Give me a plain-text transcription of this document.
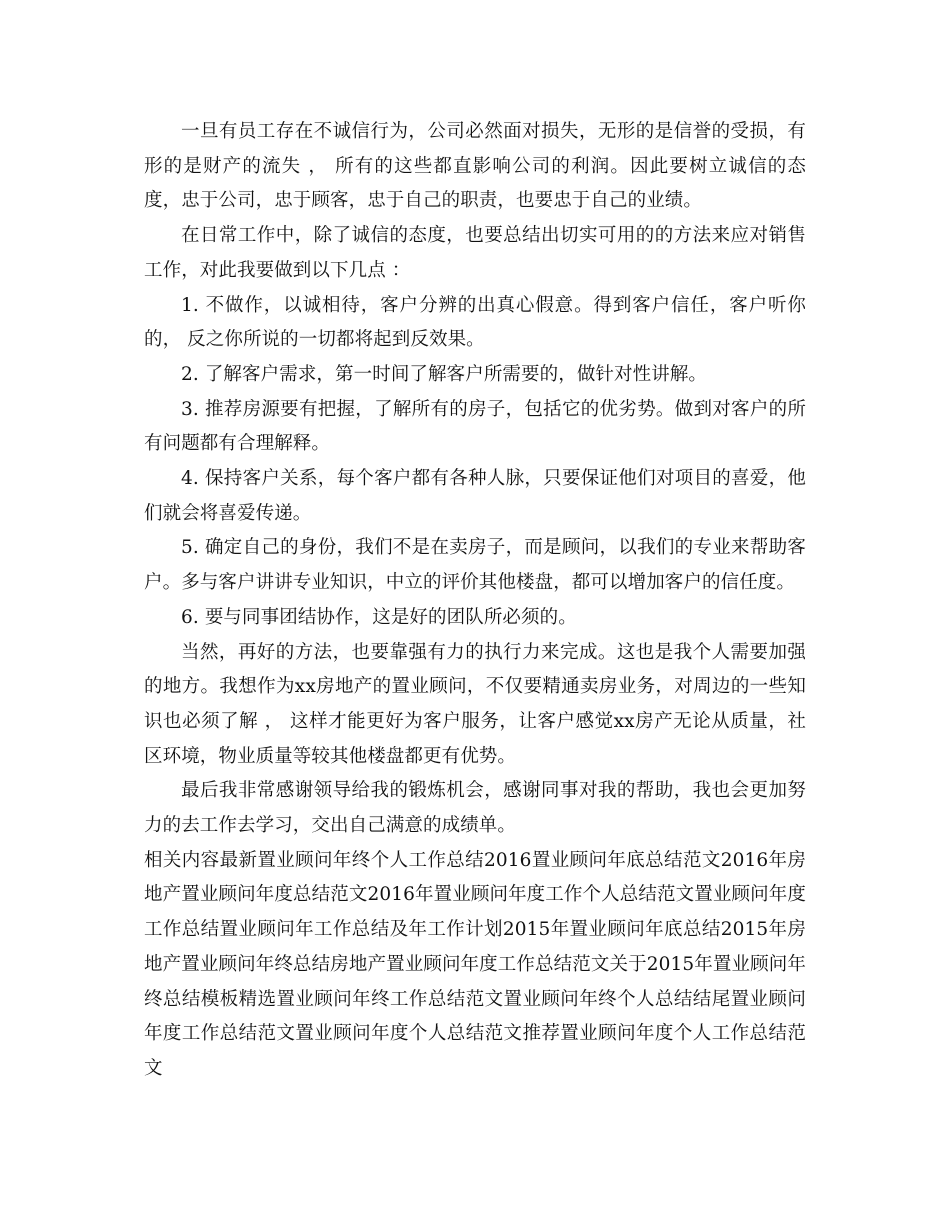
一旦有员工存在不诚信行为，公司必然面对损失，无形的是信誉的受损，有形的是财产的流失 ， 所有的这些都直影响公司的利润。因此要树立诚信的态度，忠于公司，忠于顾客，忠于自己的职责，也要忠于自己的业绩。

在日常工作中，除了诚信的态度，也要总结出切实可用的的方法来应对销售工作，对此我要做到以下几点 ：

1. 不做作，以诚相待，客户分辨的出真心假意。得到客户信任，客户听你的， 反之你所说的一切都将起到反效果。

2. 了解客户需求，第一时间了解客户所需要的，做针对性讲解。

3. 推荐房源要有把握，了解所有的房子，包括它的优劣势。做到对客户的所有问题都有合理解释。

4. 保持客户关系，每个客户都有各种人脉，只要保证他们对项目的喜爱，他们就会将喜爱传递。

5. 确定自己的身份，我们不是在卖房子，而是顾问，以我们的专业来帮助客户。多与客户讲讲专业知识，中立的评价其他楼盘，都可以增加客户的信任度。

6. 要与同事团结协作，这是好的团队所必须的。

当然，再好的方法，也要靠强有力的执行力来完成。这也是我个人需要加强的地方。我想作为xx房地产的置业顾问，不仅要精通卖房业务，对周边的一些知识也必须了解 ， 这样才能更好为客户服务，让客户感觉xx房产无论从质量，社区环境，物业质量等较其他楼盘都更有优势。

最后我非常感谢领导给我的锻炼机会，感谢同事对我的帮助，我也会更加努力的去工作去学习，交出自己满意的成绩单。

相关内容最新置业顾问年终个人工作总结2016置业顾问年底总结范文2016年房地产置业顾问年度总结范文2016年置业顾问年度工作个人总结范文置业顾问年度工作总结置业顾问年工作总结及年工作计划2015年置业顾问年底总结2015年房地产置业顾问年终总结房地产置业顾问年度工作总结范文关于2015年置业顾问年终总结模板精选置业顾问年终工作总结范文置业顾问年终个人总结结尾置业顾问年度工作总结范文置业顾问年度个人总结范文推荐置业顾问年度个人工作总结范文
